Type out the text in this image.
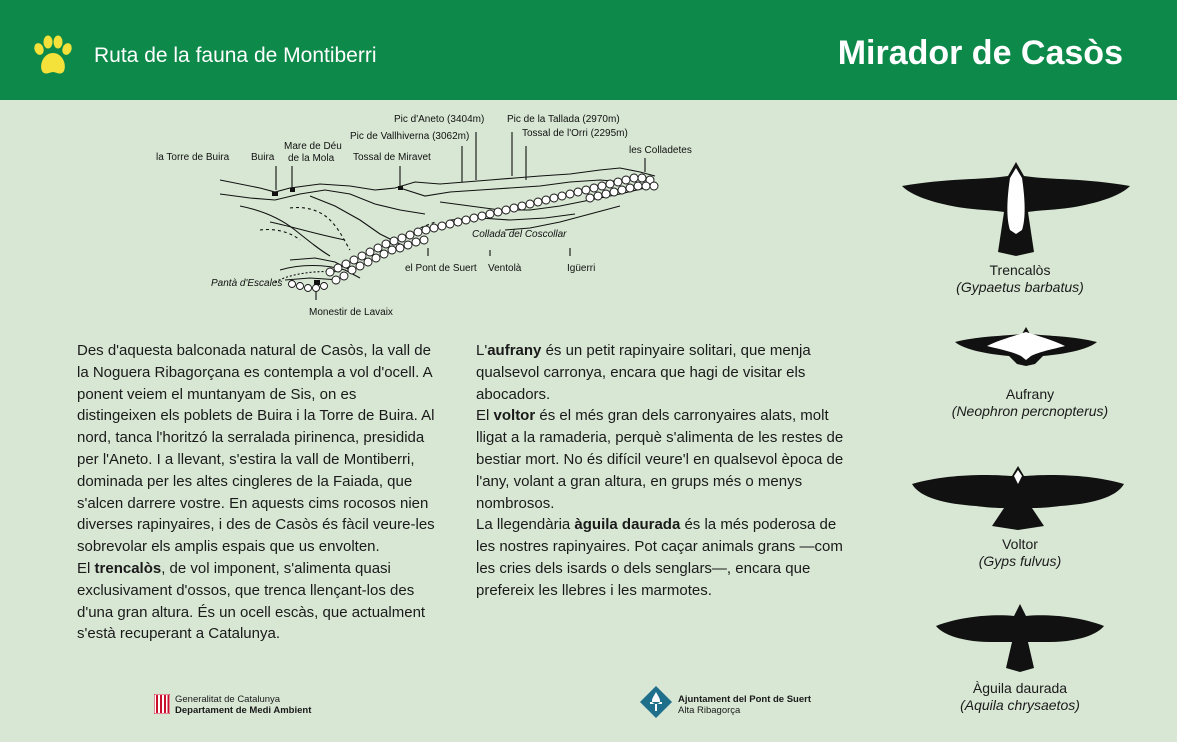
Ruta de la fauna de Montiberri	Mirador de Casòs
la Torre de Buira Buira
Mare de Déu
de la Mola
Pic de Vallhiverna (3062m)
Pic d'Aneto (3404m) Pic de la Tallada (2970m)
Tossal de l'Orri (2295m)
les Colladetes
Tossal de Miravet
Collada del Coscollar
el Pont de Suert Ventolà	Igüerri
Pantà d'Escales
Monestir de Lavaix

Des d'aquesta balconada natural de Casòs, la vall de la Noguera Ribagorçana es contempla a vol d'ocell. A ponent veiem el muntanyam de Sis, on es distingeixen els poblets de Buira i la Torre de Buira. Al nord, tanca l'horitzó la serralada pirinenca, presidida per l'Aneto. I a llevant, s'estira la vall de Montiberri, dominada per les altes cingleres de la Faiada, que s'alcen darrere vostre. En aquests cims rocosos nien diverses rapinyaires, i des de Casòs és fàcil veure-les sobrevolar els amplis espais que us envolten.

El trencalòs, de vol imponent, s'alimenta quasi exclusivament d'ossos, que trenca llençant-los des d'una gran altura. És un ocell escàs, que actualment s'està recuperant a Catalunya.

L'aufrany és un petit rapinyaire solitari, que menja qualsevol carronya, encara que hagi de visitar els abocadors.

El voltor és el més gran dels carronyaires alats, molt lligat a la ramaderia, perquè s'alimenta de les restes de bestiar mort. No és difícil veure'l en qualsevol època de l'any, volant a gran altura, en grups més o menys nombrosos.

La llegendària àguila daurada és la més poderosa de les nostres rapinyaires. Pot caçar animals grans —com les cries dels isards o dels senglars—, encara que prefereix les llebres i les marmotes.

Trencalòs
(Gypaetus barbatus)
Aufrany
(Neophron percnopterus)
Voltor
(Gyps fulvus)
Àguila daurada
(Aquila chrysaetos)
Generalitat de Catalunya
Departament de Medi Ambient
Ajuntament del Pont de Suert
Alta Ribagorça
